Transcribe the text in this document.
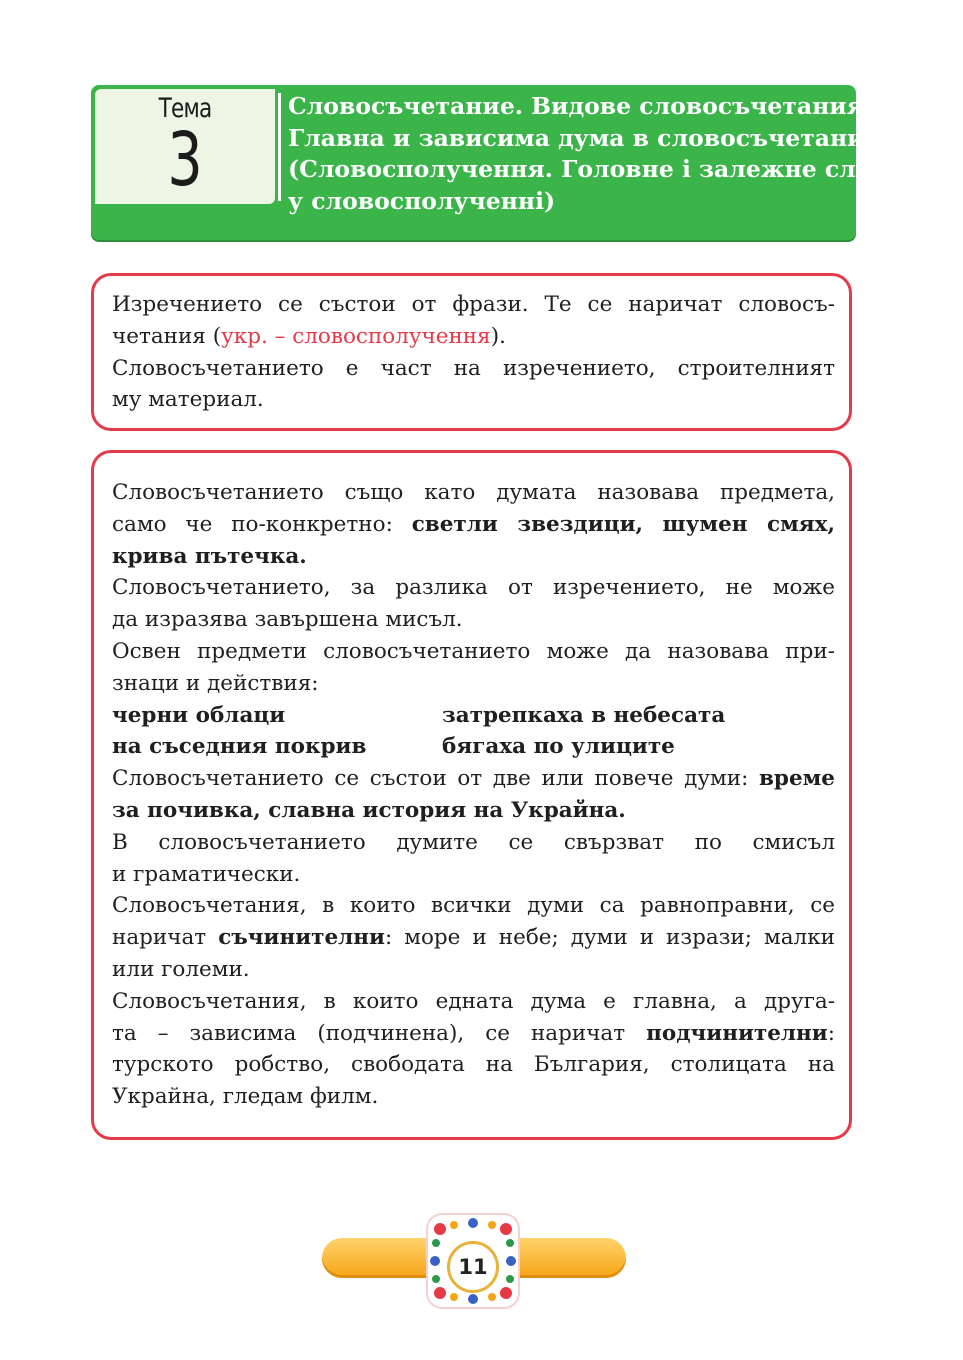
Тема
3
Словосъчетание. Видове словосъчетания.
Главна и зависима дума в словосъчетанието
(Словосполучення. Головне і залежне слово
у словосполученні)
Изречението се състои от фрази. Те се наричат словосъ-
четания (укр. – словосполучення).
Словосъчетанието е част на изречението, строителният
му материал.
Словосъчетанието също като думата назовава предмета,
само че по-конкретно: светли звездици, шумен смях,
крива пътечка.
Словосъчетанието, за разлика от изречението, не може
да изразява завършена мисъл.
Освен предмети словосъчетанието може да назовава при-
знаци и действия:
черни облаци	затрепкаха в небесата
на съседния покрив	бягаха по улиците
Словосъчетанието се състои от две или повече думи: време
за почивка, славна история на Украйна.
В словосъчетанието думите се свързват по смисъл
и граматически.
Словосъчетания, в които всички думи са равноправни, се
наричат съчинителни: море и небе; думи и изрази; малки
или големи.
Словосъчетания, в които едната дума е главна, а друга-
та – зависима (подчинена), се наричат подчинителни:
турското робство, свободата на България, столицата на
Украйна, гледам филм.
11
